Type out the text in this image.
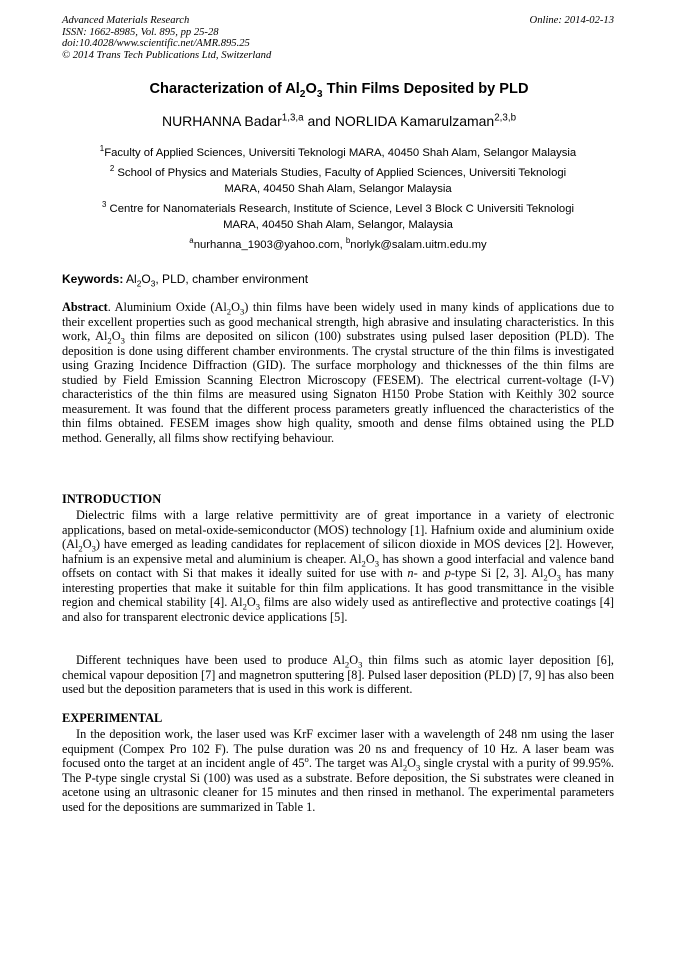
Advanced Materials Research
ISSN: 1662-8985, Vol. 895, pp 25-28
doi:10.4028/www.scientific.net/AMR.895.25
© 2014 Trans Tech Publications Ltd, Switzerland
Online: 2014-02-13
Characterization of $Al_2O_3$ Thin Films Deposited by PLD
NURHANNA Badar$^{1,3,a}$ and NORLIDA Kamarulzaman$^{2,3,b}$
$^1$Faculty of Applied Sciences, Universiti Teknologi MARA, 40450 Shah Alam, Selangor Malaysia
$^2$ School of Physics and Materials Studies, Faculty of Applied Sciences, Universiti Teknologi
MARA, 40450 Shah Alam, Selangor Malaysia
$^3$ Centre for Nanomaterials Research, Institute of Science, Level 3 Block C Universiti Teknologi
MARA, 40450 Shah Alam, Selangor, Malaysia
$^a$nurhanna_1903@yahoo.com, $^b$norlyk@salam.uitm.edu.my
Keywords: $Al_2O_3$, PLD, chamber environment

Abstract. Aluminium Oxide $(Al_2O_3)$ thin films have been widely used in many kinds of applications due to their excellent properties such as good mechanical strength, high abrasive and insulating characteristics. In this work, $Al_2O_3$ thin films are deposited on silicon (100) substrates using pulsed laser deposition (PLD). The deposition is done using different chamber environments. The crystal structure of the thin films is investigated using Grazing Incidence Diffraction (GID). The surface morphology and thicknesses of the thin films are studied by Field Emission Scanning Electron Microscopy (FESEM). The electrical current-voltage (I-V) characteristics of the thin films are measured using Signaton H150 Probe Station with Keithly 302 source measurement. It was found that the different process parameters greatly influenced the characteristics of the thin films obtained. FESEM images show high quality, smooth and dense films obtained using the PLD method. Generally, all films show rectifying behaviour.

INTRODUCTION

Dielectric films with a large relative permittivity are of great importance in a variety of electronic applications, based on metal-oxide-semiconductor (MOS) technology [1]. Hafnium oxide and aluminium oxide $(Al_2O_3)$ have emerged as leading candidates for replacement of silicon dioxide in MOS devices [2]. However, hafnium is an expensive metal and aluminium is cheaper. $Al_2O_3$ has shown a good interfacial and valence band offsets on contact with Si that makes it ideally suited for use with n- and p-type Si [2, 3]. $Al_2O_3$ has many interesting properties that make it suitable for thin film applications. It has good transmittance in the visible region and chemical stability [4]. $Al_2O_3$ films are also widely used as antireflective and protective coatings [4] and also for transparent electronic device applications [5].

Different techniques have been used to produce $Al_2O_3$ thin films such as atomic layer deposition [6], chemical vapour deposition [7] and magnetron sputtering [8]. Pulsed laser deposition (PLD) [7, 9] has also been used but the deposition parameters that is used in this work is different.

EXPERIMENTAL

In the deposition work, the laser used was KrF excimer laser with a wavelength of 248 nm using the laser equipment (Compex Pro 102 F). The pulse duration was 20 ns and frequency of 10 Hz. A laser beam was focused onto the target at an incident angle of 45$^o$. The target was $Al_2O_3$ single crystal with a purity of 99.95%. The P-type single crystal Si (100) was used as a substrate. Before deposition, the Si substrates were cleaned in acetone using an ultrasonic cleaner for 15 minutes and then rinsed in methanol. The experimental parameters used for the depositions are summarized in Table 1.
